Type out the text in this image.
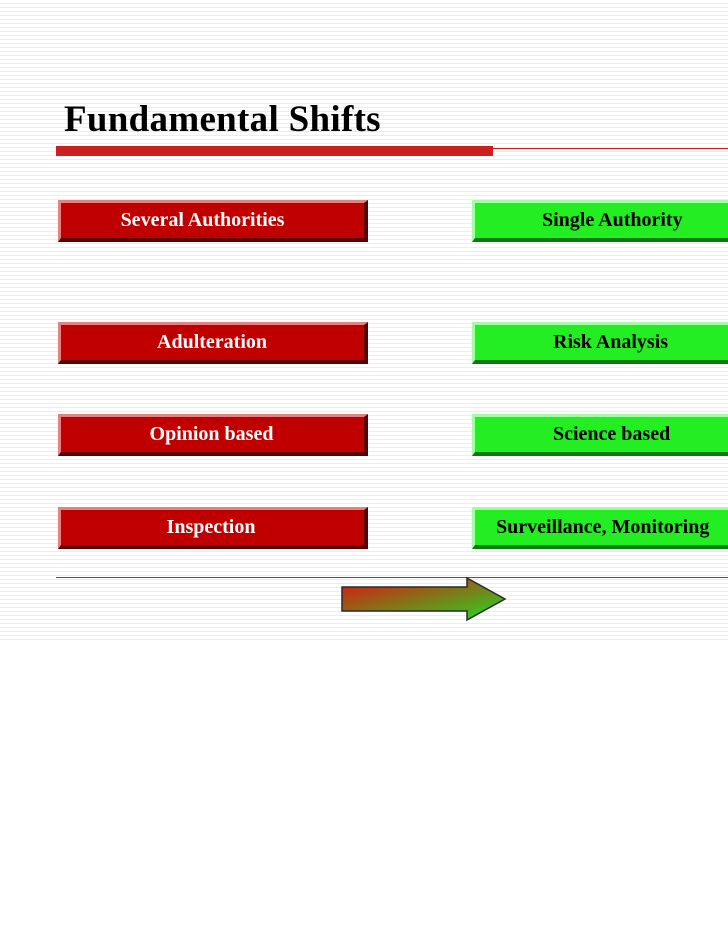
Fundamental Shifts
Several Authorities	Single Authority
Adulteration	Risk Analysis
Opinion based	Science based
Inspection	Surveillance, Monitoring
